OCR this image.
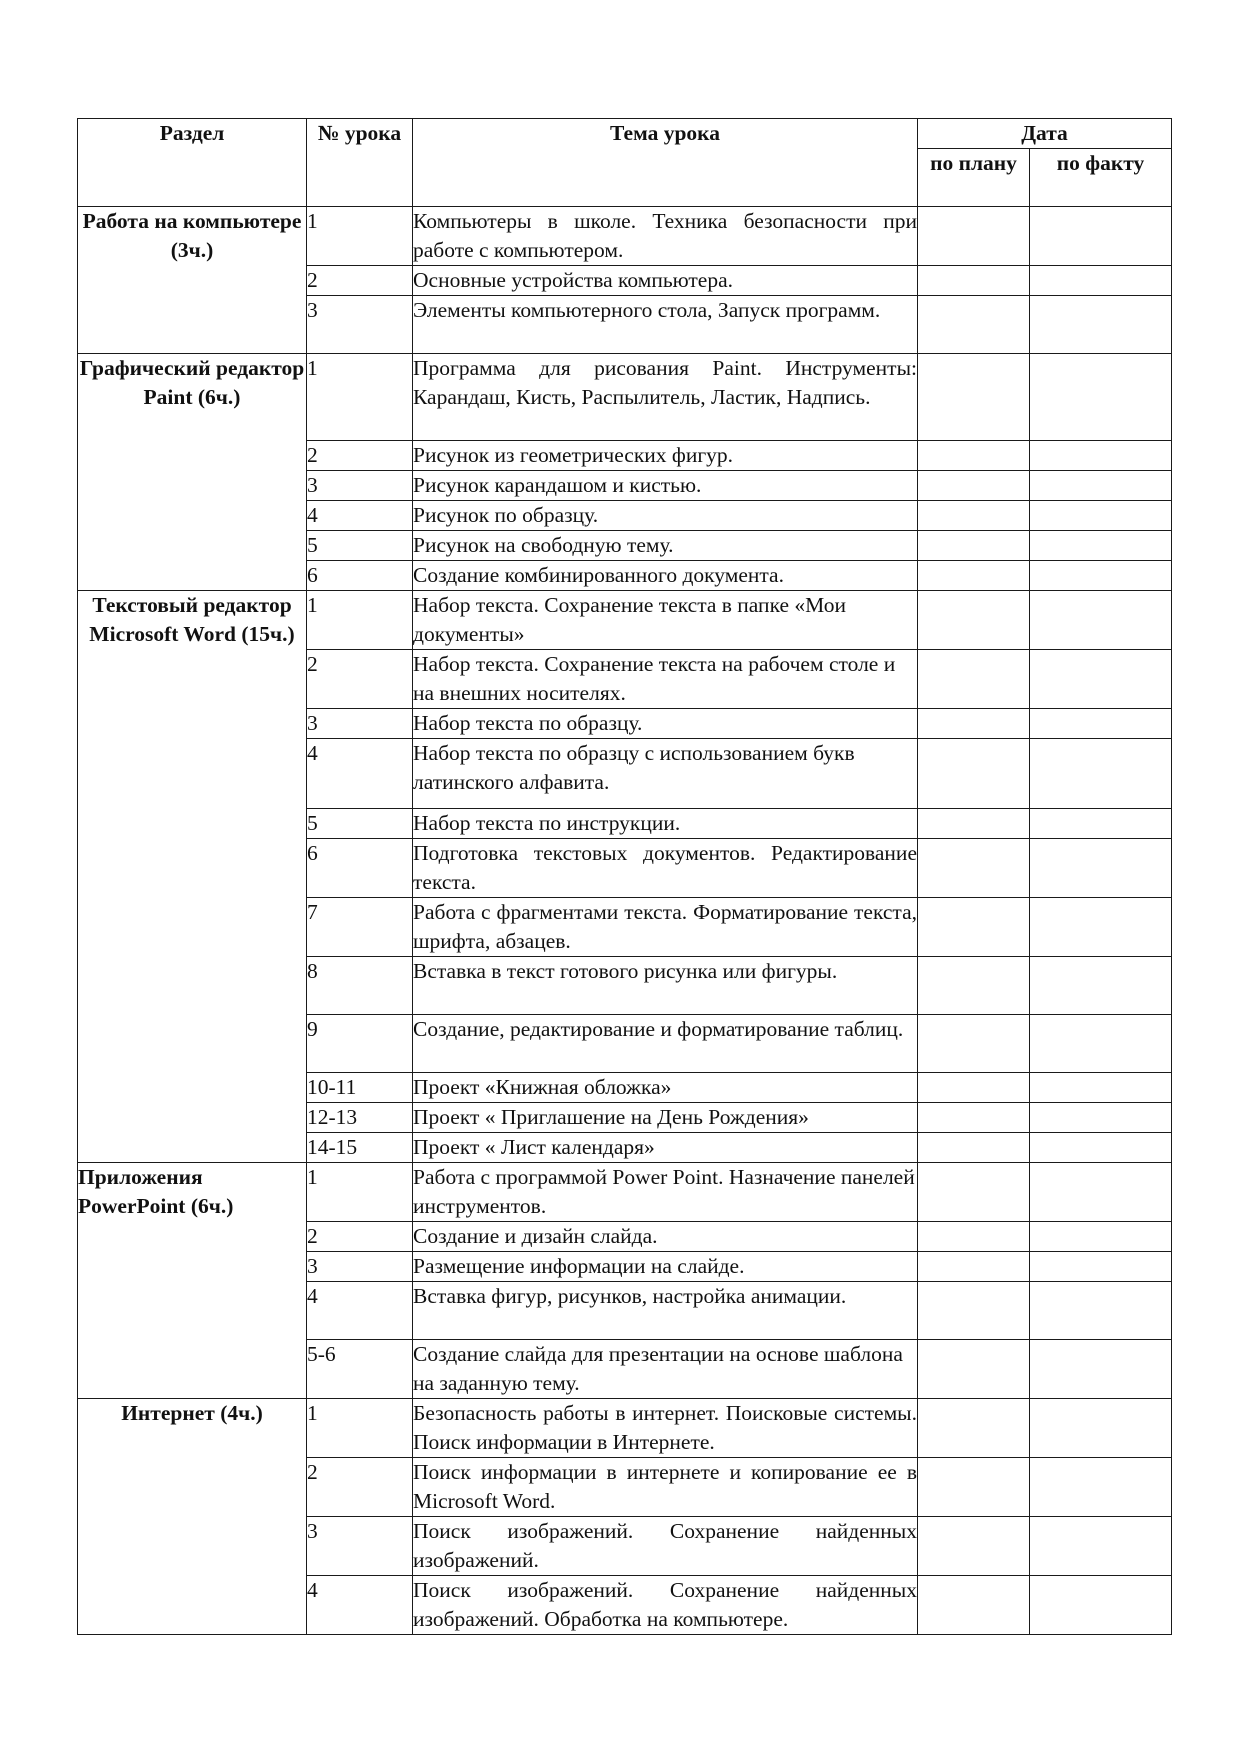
Раздел	№ урока	Тема урока	Дата	
			по плану	по факту
Работа на компьютере (3ч.)	1	Компьютеры в школе. Техника безопасности при работе с компьютером.		
	2	Основные устройства компьютера.		
	3	Элементы компьютерного стола, Запуск программ.		
Графический редактор Paint (6ч.)	1	Программа для рисования Paint. Инструменты: Карандаш, Кисть, Распылитель, Ластик, Надпись.		
	2	Рисунок из геометрических фигур.		
	3	Рисунок карандашом и кистью.		
	4	Рисунок по образцу.		
	5	Рисунок на свободную тему.		
	6	Создание комбинированного документа.		
Текстовый редактор Microsoft Word (15ч.)	1	Набор текста. Сохранение текста в папке «Мои документы»		
	2	Набор текста. Сохранение текста на рабочем столе и на внешних носителях.		
	3	Набор текста по образцу.		
	4	Набор текста по образцу с использованием букв латинского алфавита.		
	5	Набор текста по инструкции.		
	6	Подготовка текстовых документов. Редактирование текста.		
	7	Работа с фрагментами текста. Форматирование текста, шрифта, абзацев.		
	8	Вставка в текст готового рисунка или фигуры.		
	9	Создание, редактирование и форматирование таблиц.		
	10-11	Проект «Книжная обложка»		
	12-13	Проект « Приглашение на День Рождения»		
	14-15	Проект « Лист календаря»		
Приложения PowerPoint (6ч.)	1	Работа с программой Power Point. Назначение панелей инструментов.		
	2	Создание и дизайн слайда.		
	3	Размещение информации на слайде.		
	4	Вставка фигур, рисунков, настройка анимации.		
	5-6	Создание слайда для презентации на основе шаблона на заданную тему.		
Интернет (4ч.)	1	Безопасность работы в интернет. Поисковые системы. Поиск информации в Интернете.		
	2	Поиск информации в интернете и копирование ее в Microsoft Word.		
	3	Поиск изображений. Сохранение найденных изображений.		
	4	Поиск изображений. Сохранение найденных изображений. Обработка на компьютере.		
